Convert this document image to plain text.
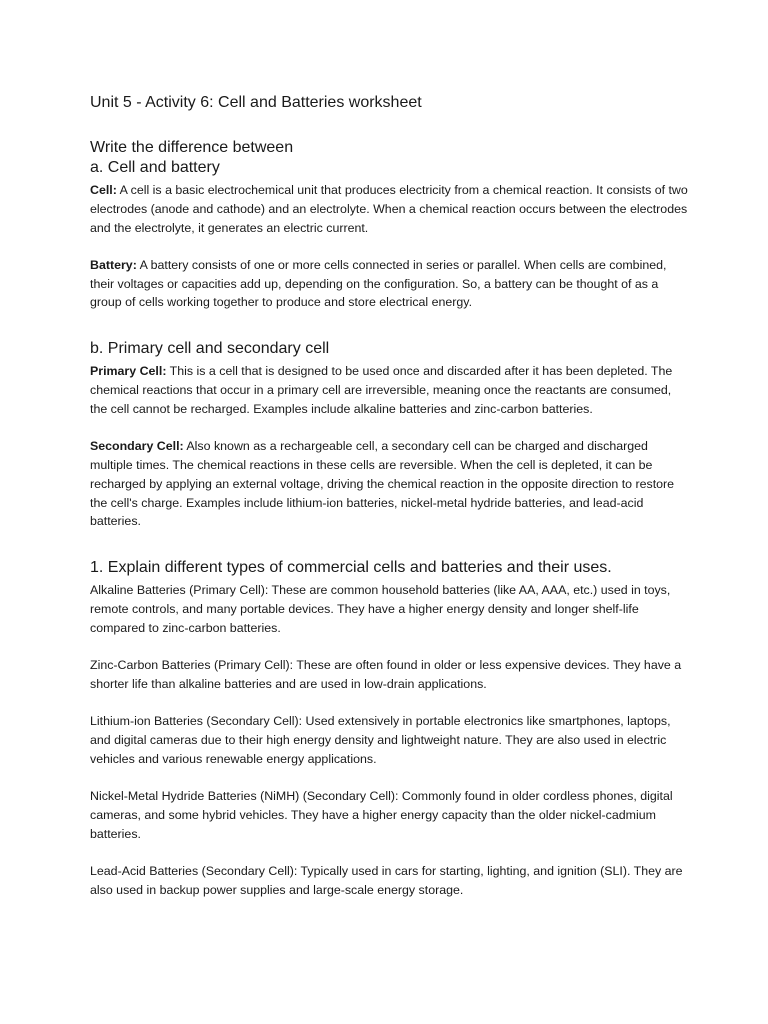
Unit 5 - Activity 6: Cell and Batteries worksheet
Write the difference between
a. Cell and battery

Cell: A cell is a basic electrochemical unit that produces electricity from a chemical reaction. It consists of two electrodes (anode and cathode) and an electrolyte. When a chemical reaction occurs between the electrodes and the electrolyte, it generates an electric current.

Battery: A battery consists of one or more cells connected in series or parallel. When cells are combined, their voltages or capacities add up, depending on the configuration. So, a battery can be thought of as a group of cells working together to produce and store electrical energy.

b. Primary cell and secondary cell

Primary Cell: This is a cell that is designed to be used once and discarded after it has been depleted. The chemical reactions that occur in a primary cell are irreversible, meaning once the reactants are consumed, the cell cannot be recharged. Examples include alkaline batteries and zinc-carbon batteries.

Secondary Cell: Also known as a rechargeable cell, a secondary cell can be charged and discharged multiple times. The chemical reactions in these cells are reversible. When the cell is depleted, it can be recharged by applying an external voltage, driving the chemical reaction in the opposite direction to restore the cell's charge. Examples include lithium-ion batteries, nickel-metal hydride batteries, and lead-acid batteries.

1. Explain different types of commercial cells and batteries and their uses.

Alkaline Batteries (Primary Cell): These are common household batteries (like AA, AAA, etc.) used in toys, remote controls, and many portable devices. They have a higher energy density and longer shelf-life compared to zinc-carbon batteries.

Zinc-Carbon Batteries (Primary Cell): These are often found in older or less expensive devices. They have a shorter life than alkaline batteries and are used in low-drain applications.

Lithium-ion Batteries (Secondary Cell): Used extensively in portable electronics like smartphones, laptops, and digital cameras due to their high energy density and lightweight nature. They are also used in electric vehicles and various renewable energy applications.

Nickel-Metal Hydride Batteries (NiMH) (Secondary Cell): Commonly found in older cordless phones, digital cameras, and some hybrid vehicles. They have a higher energy capacity than the older nickel-cadmium batteries.

Lead-Acid Batteries (Secondary Cell): Typically used in cars for starting, lighting, and ignition (SLI). They are also used in backup power supplies and large-scale energy storage.
